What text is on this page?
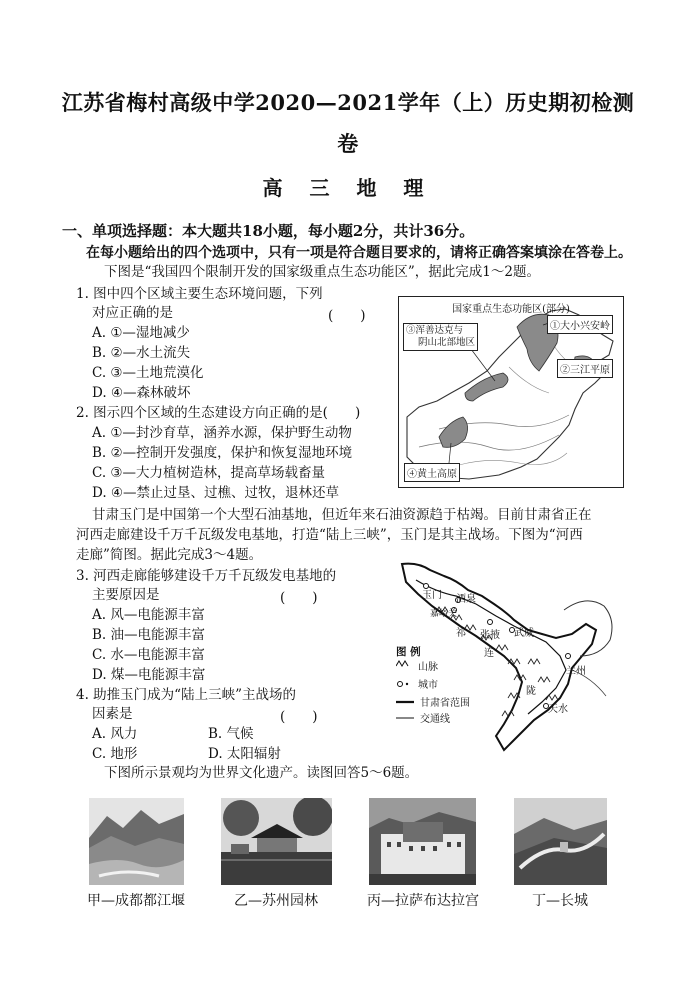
江苏省梅村高级中学2020—2021学年（上）历史期初检测
卷
高 三 地 理
一、单项选择题：本大题共18小题，每小题2分，共计36分。
在每小题给出的四个选项中，只有一项是符合题目要求的，请将正确答案填涂在答卷上。
下图是“我国四个限制开发的国家级重点生态功能区”，据此完成1～2题。
1. 图中四个区域主要生态环境问题，下列
对应正确的是	(　　)
A. ①—湿地减少
B. ②—水土流失
C. ③—土地荒漠化
D. ④—森林破坏
2. 图示四个区域的生态建设方向正确的是(　　)
A. ①—封沙育草，涵养水源，保护野生动物
B. ②—控制开发强度，保护和恢复湿地环境
C. ③—大力植树造林，提高草场载畜量
D. ④—禁止过垦、过樵、过牧，退林还草
国家重点生态功能区(部分)
①大小兴安岭
③浑善达克与
阴山北部地区
②三江平原
④黄土高原
甘肃玉门是中国第一个大型石油基地，但近年来石油资源趋于枯竭。目前甘肃省正在
河西走廊建设千万千瓦级发电基地，打造“陆上三峡”，玉门是其主战场。下图为“河西
走廊”简图。据此完成3～4题。
3. 河西走廊能够建设千万千瓦级发电基地的
主要原因是	(　　)
A. 风—电能源丰富
B. 油—电能源丰富
C. 水—电能源丰富
D. 煤—电能源丰富
4. 助推玉门成为“陆上三峡”主战场的
因素是	(　　)
A. 风力	B. 气候
C. 地形	D. 太阳辐射
玉门 酒泉
嘉峪关
张掖 武威
兰州
天水
祁
连
陇
图 例
山脉
城市
甘肃省范围
交通线
下图所示景观均为世界文化遗产。读图回答5～6题。
甲—成都都江堰	乙—苏州园林	丙—拉萨布达拉宫	丁—长城
